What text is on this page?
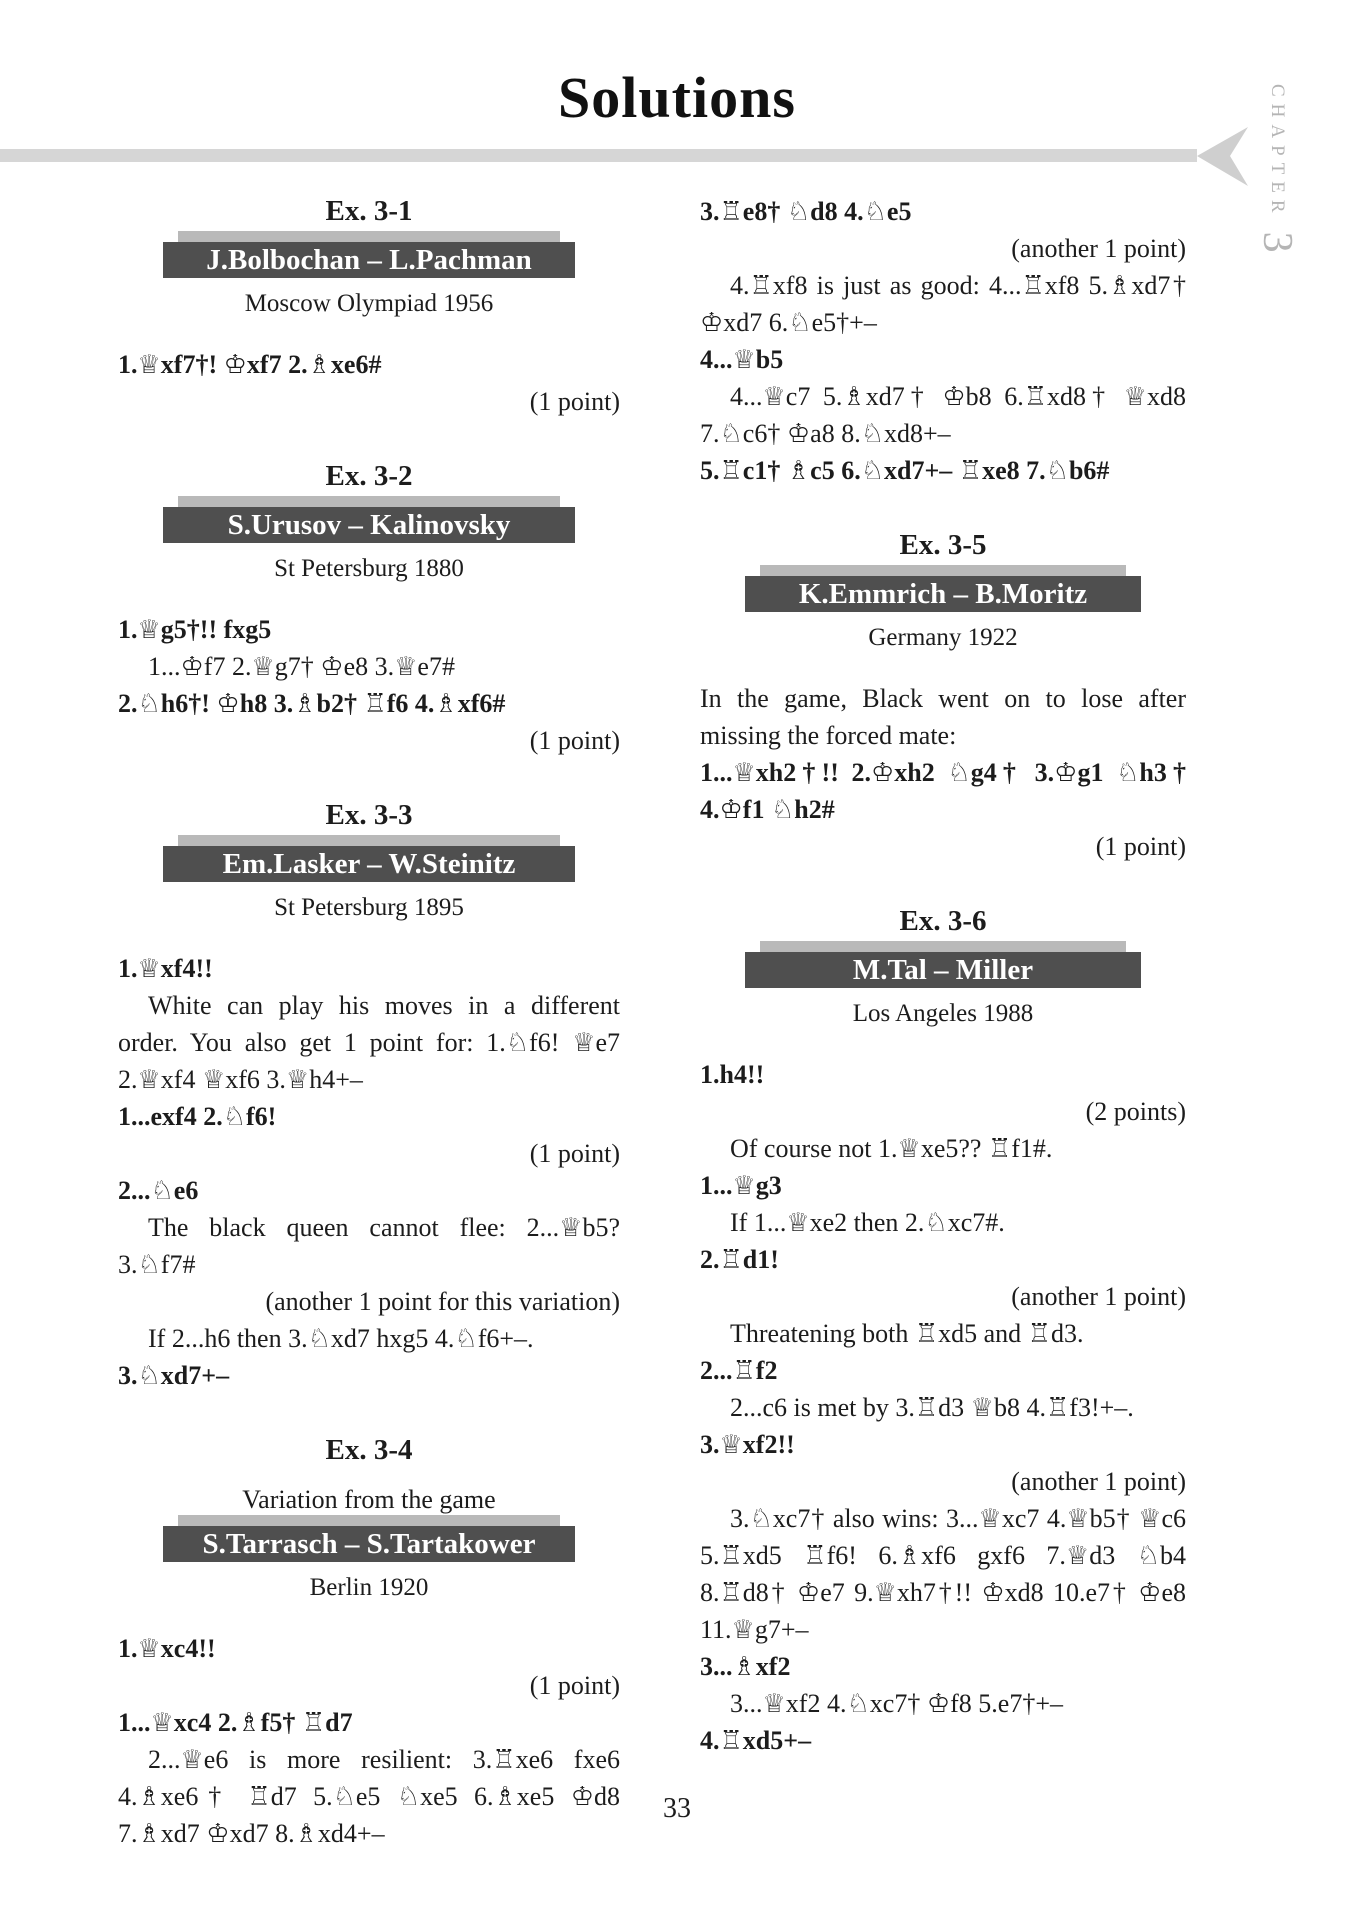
Solutions	CHAPTER
3
Ex. 3-1
J.Bolbochan – L.Pachman
Moscow Olympiad 1956

1.♕xf7†! ♔xf7 2.♗xe6#

(1 point)

Ex. 3-2
S.Urusov – Kalinovsky
St Petersburg 1880

1.♕g5†!! fxg5

1...♔f7 2.♕g7† ♔e8 3.♕e7#

2.♘h6†! ♔h8 3.♗b2† ♖f6 4.♗xf6#

(1 point)

Ex. 3-3
Em.Lasker – W.Steinitz
St Petersburg 1895

1.♕xf4!!

White can play his moves in a different order. You also get 1 point for: 1.♘f6! ♕e7 2.♕xf4 ♕xf6 3.♕h4+–

1...exf4 2.♘f6!

(1 point)

2...♘e6

The black queen cannot flee: 2...♕b5? 3.♘f7#

(another 1 point for this variation)

If 2...h6 then 3.♘xd7 hxg5 4.♘f6+–.

3.♘xd7+–

Ex. 3-4
Variation from the game
S.Tarrasch – S.Tartakower
Berlin 1920

1.♕xc4!!

(1 point)

1...♕xc4 2.♗f5† ♖d7

2...♕e6 is more resilient: 3.♖xe6 fxe6 4.♗xe6† ♖d7 5.♘e5 ♘xe5 6.♗xe5 ♔d8 7.♗xd7 ♔xd7 8.♗xd4+–

3.♖e8† ♘d8 4.♘e5

(another 1 point)

4.♖xf8 is just as good: 4...♖xf8 5.♗xd7† ♔xd7 6.♘e5†+–

4...♕b5

4...♕c7 5.♗xd7† ♔b8 6.♖xd8† ♕xd8 7.♘c6† ♔a8 8.♘xd8+–

5.♖c1† ♗c5 6.♘xd7+– ♖xe8 7.♘b6#

Ex. 3-5
K.Emmrich – B.Moritz
Germany 1922

In the game, Black went on to lose after missing the forced mate:

1...♕xh2†!! 2.♔xh2 ♘g4† 3.♔g1 ♘h3† 4.♔f1 ♘h2#

(1 point)

Ex. 3-6
M.Tal – Miller
Los Angeles 1988

1.h4!!

(2 points)

Of course not 1.♕xe5?? ♖f1#.

1...♕g3

If 1...♕xe2 then 2.♘xc7#.

2.♖d1!

(another 1 point)

Threatening both ♖xd5 and ♖d3.

2...♖f2

2...c6 is met by 3.♖d3 ♕b8 4.♖f3!+–.

3.♕xf2!!

(another 1 point)

3.♘xc7† also wins: 3...♕xc7 4.♕b5† ♕c6 5.♖xd5 ♖f6! 6.♗xf6 gxf6 7.♕d3 ♘b4 8.♖d8† ♔e7 9.♕xh7†!! ♔xd8 10.e7† ♔e8 11.♕g7+–

3...♗xf2

3...♕xf2 4.♘xc7† ♔f8 5.e7†+–

4.♖xd5+–

33
